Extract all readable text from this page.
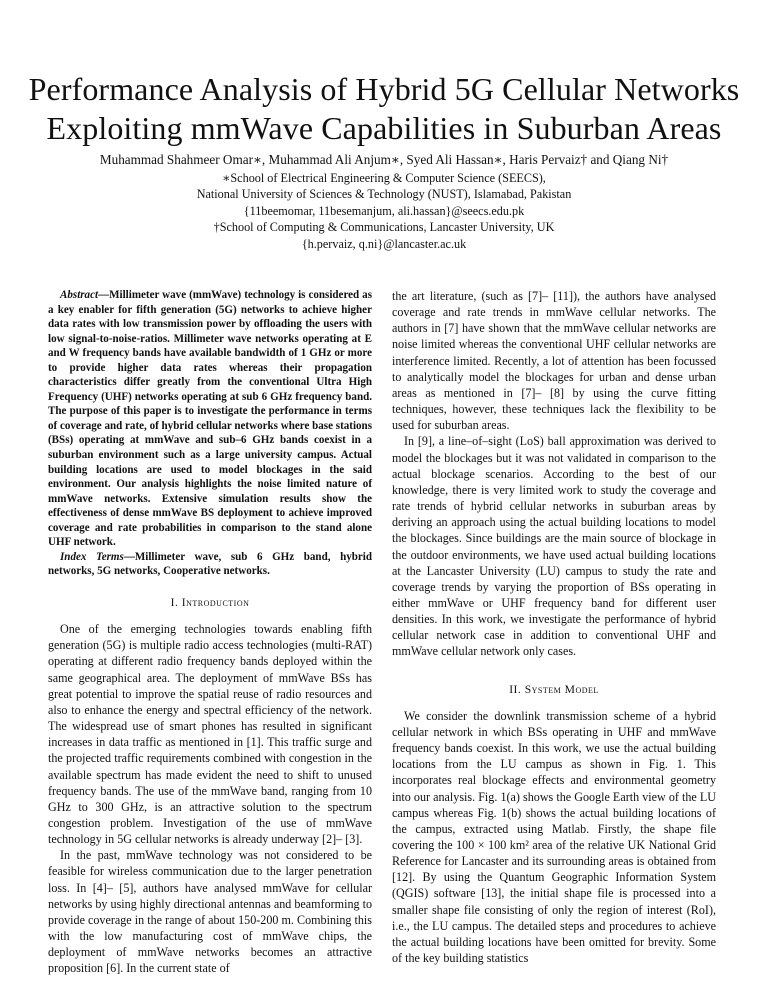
Performance Analysis of Hybrid 5G Cellular Networks
Exploiting mmWave Capabilities in Suburban Areas
Muhammad Shahmeer Omar∗, Muhammad Ali Anjum∗, Syed Ali Hassan∗, Haris Pervaiz† and Qiang Ni†
∗School of Electrical Engineering & Computer Science (SEECS),
National University of Sciences & Technology (NUST), Islamabad, Pakistan
{11beemomar, 11besemanjum, ali.hassan}@seecs.edu.pk
†School of Computing & Communications, Lancaster University, UK
{h.pervaiz, q.ni}@lancaster.ac.uk

Abstract—Millimeter wave (mmWave) technology is considered as a key enabler for fifth generation (5G) networks to achieve higher data rates with low transmission power by offloading the users with low signal-to-noise-ratios. Millimeter wave networks operating at E and W frequency bands have available bandwidth of 1 GHz or more to provide higher data rates whereas their propagation characteristics differ greatly from the conventional Ultra High Frequency (UHF) networks operating at sub 6 GHz frequency band. The purpose of this paper is to investigate the performance in terms of coverage and rate, of hybrid cellular networks where base stations (BSs) operating at mmWave and sub–6 GHz bands coexist in a suburban environment such as a large university campus. Actual building locations are used to model blockages in the said environment. Our analysis highlights the noise limited nature of mmWave networks. Extensive simulation results show the effectiveness of dense mmWave BS deployment to achieve improved coverage and rate probabilities in comparison to the stand alone UHF network.

Index Terms—Millimeter wave, sub 6 GHz band, hybrid networks, 5G networks, Cooperative networks.

I. Introduction

One of the emerging technologies towards enabling fifth generation (5G) is multiple radio access technologies (multi-RAT) operating at different radio frequency bands deployed within the same geographical area. The deployment of mmWave BSs has great potential to improve the spatial reuse of radio resources and also to enhance the energy and spectral efficiency of the network. The widespread use of smart phones has resulted in significant increases in data traffic as mentioned in [1]. This traffic surge and the projected traffic requirements combined with congestion in the available spectrum has made evident the need to shift to unused frequency bands. The use of the mmWave band, ranging from 10 GHz to 300 GHz, is an attractive solution to the spectrum congestion problem. Investigation of the use of mmWave technology in 5G cellular networks is already underway [2]– [3].

In the past, mmWave technology was not considered to be feasible for wireless communication due to the larger penetration loss. In [4]– [5], authors have analysed mmWave for cellular networks by using highly directional antennas and beamforming to provide coverage in the range of about 150-200 m. Combining this with the low manufacturing cost of mmWave chips, the deployment of mmWave networks becomes an attractive proposition [6]. In the current state of

the art literature, (such as [7]– [11]), the authors have analysed coverage and rate trends in mmWave cellular networks. The authors in [7] have shown that the mmWave cellular networks are noise limited whereas the conventional UHF cellular networks are interference limited. Recently, a lot of attention has been focussed to analytically model the blockages for urban and dense urban areas as mentioned in [7]– [8] by using the curve fitting techniques, however, these techniques lack the flexibility to be used for suburban areas.

In [9], a line–of–sight (LoS) ball approximation was derived to model the blockages but it was not validated in comparison to the actual blockage scenarios. According to the best of our knowledge, there is very limited work to study the coverage and rate trends of hybrid cellular networks in suburban areas by deriving an approach using the actual building locations to model the blockages. Since buildings are the main source of blockage in the outdoor environments, we have used actual building locations at the Lancaster University (LU) campus to study the rate and coverage trends by varying the proportion of BSs operating in either mmWave or UHF frequency band for different user densities. In this work, we investigate the performance of hybrid cellular network case in addition to conventional UHF and mmWave cellular network only cases.

II. System Model

We consider the downlink transmission scheme of a hybrid cellular network in which BSs operating in UHF and mmWave frequency bands coexist. In this work, we use the actual building locations from the LU campus as shown in Fig. 1. This incorporates real blockage effects and environmental geometry into our analysis. Fig. 1(a) shows the Google Earth view of the LU campus whereas Fig. 1(b) shows the actual building locations of the campus, extracted using Matlab. Firstly, the shape file covering the 100 × 100 km² area of the relative UK National Grid Reference for Lancaster and its surrounding areas is obtained from [12]. By using the Quantum Geographic Information System (QGIS) software [13], the initial shape file is processed into a smaller shape file consisting of only the region of interest (RoI), i.e., the LU campus. The detailed steps and procedures to achieve the actual building locations have been omitted for brevity. Some of the key building statistics
